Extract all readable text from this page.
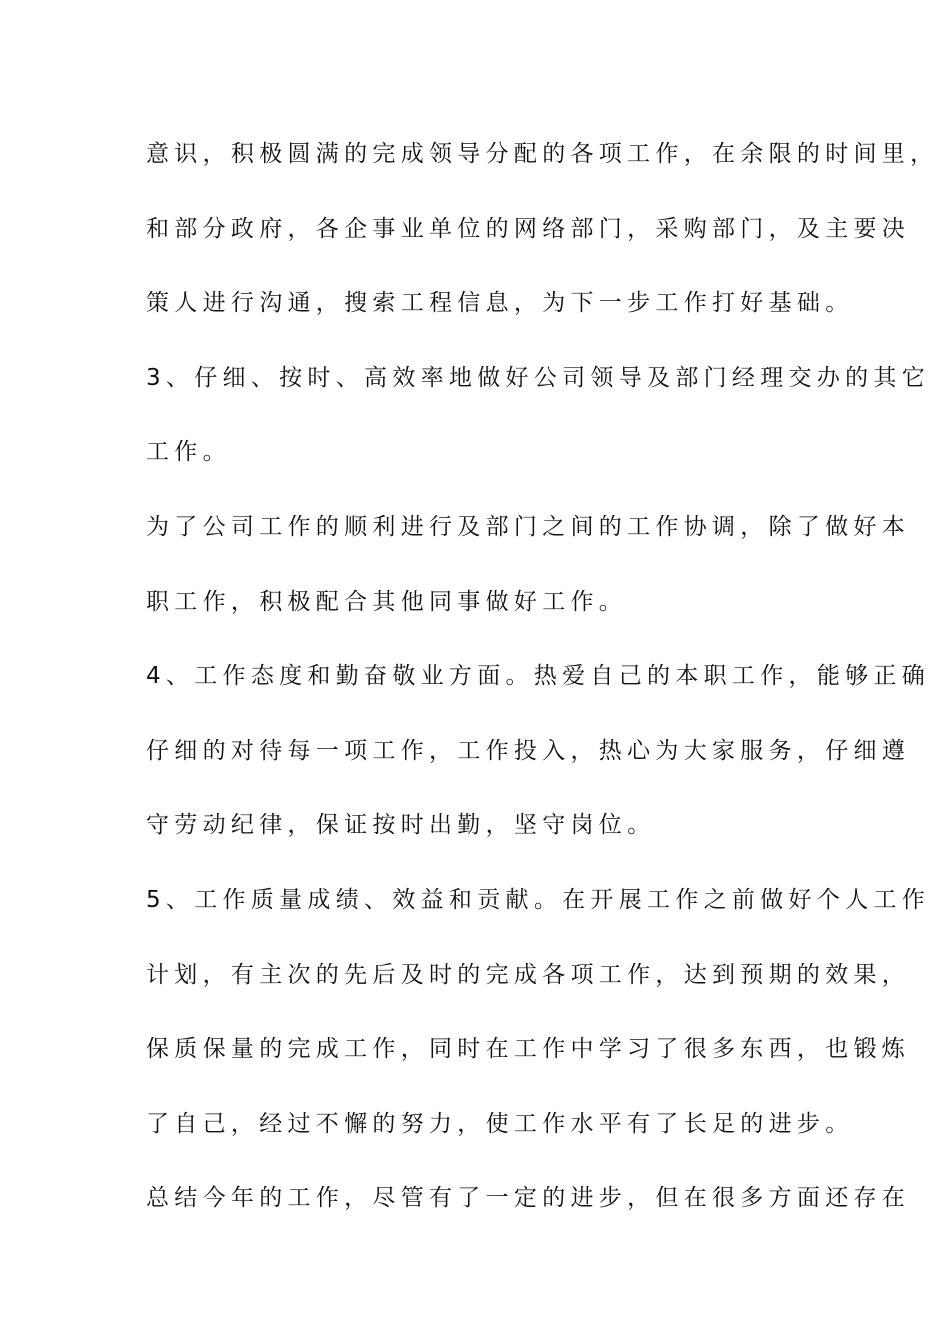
意识，积极圆满的完成领导分配的各项工作，在余限的时间里，
和部分政府，各企事业单位的网络部门，采购部门，及主要决
策人进行沟通，搜索工程信息，为下一步工作打好基础。
3、仔细、按时、高效率地做好公司领导及部门经理交办的其它
工作。
为了公司工作的顺利进行及部门之间的工作协调，除了做好本
职工作，积极配合其他同事做好工作。
4、工作态度和勤奋敬业方面。热爱自己的本职工作，能够正确
仔细的对待每一项工作，工作投入，热心为大家服务，仔细遵
守劳动纪律，保证按时出勤，坚守岗位。
5、工作质量成绩、效益和贡献。在开展工作之前做好个人工作
计划，有主次的先后及时的完成各项工作，达到预期的效果，
保质保量的完成工作，同时在工作中学习了很多东西，也锻炼
了自己，经过不懈的努力，使工作水平有了长足的进步。
总结今年的工作，尽管有了一定的进步，但在很多方面还存在
